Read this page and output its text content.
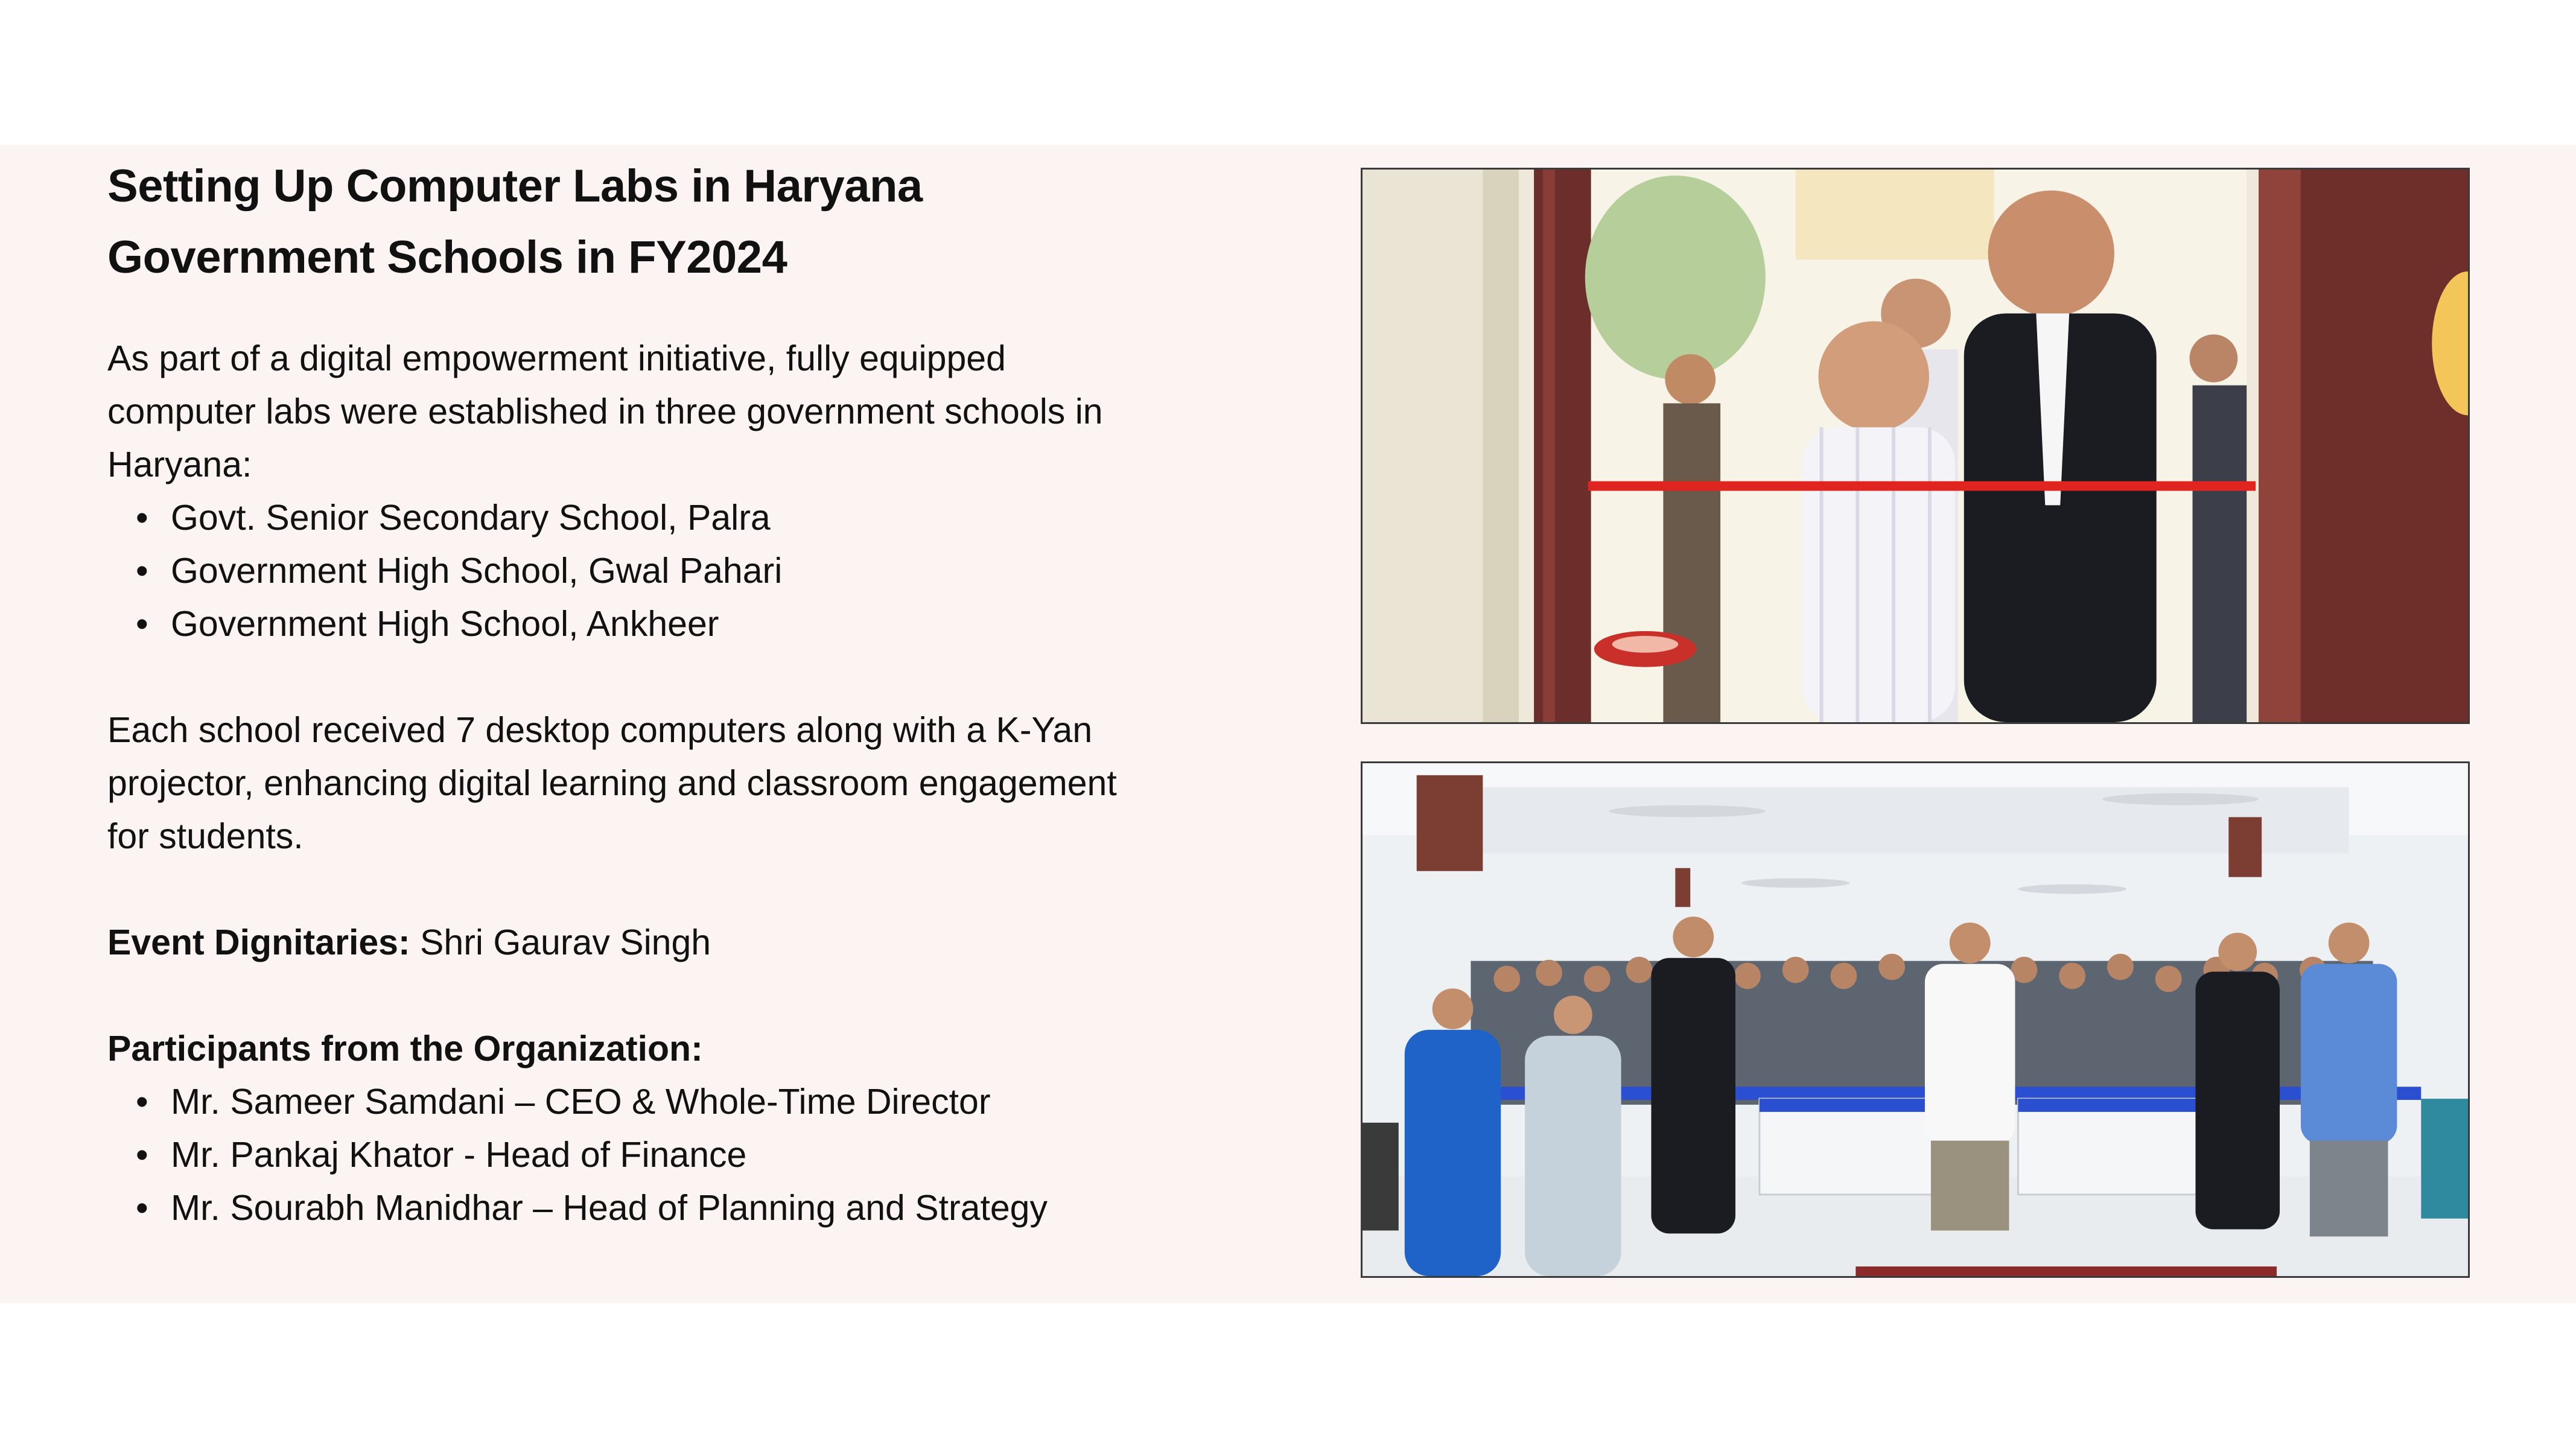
Setting Up Computer Labs in Haryana
Government Schools in FY2024

As part of a digital empowerment initiative, fully equipped
computer labs were established in three government schools in
Haryana:

• Govt. Senior Secondary School, Palra
• Government High School, Gwal Pahari
• Government High School, Ankheer

Each school received 7 desktop computers along with a K-Yan
projector, enhancing digital learning and classroom engagement
for students.

Event Dignitaries: Shri Gaurav Singh

Participants from the Organization:

• Mr. Sameer Samdani – CEO & Whole-Time Director
• Mr. Pankaj Khator - Head of Finance
• Mr. Sourabh Manidhar – Head of Planning and Strategy
